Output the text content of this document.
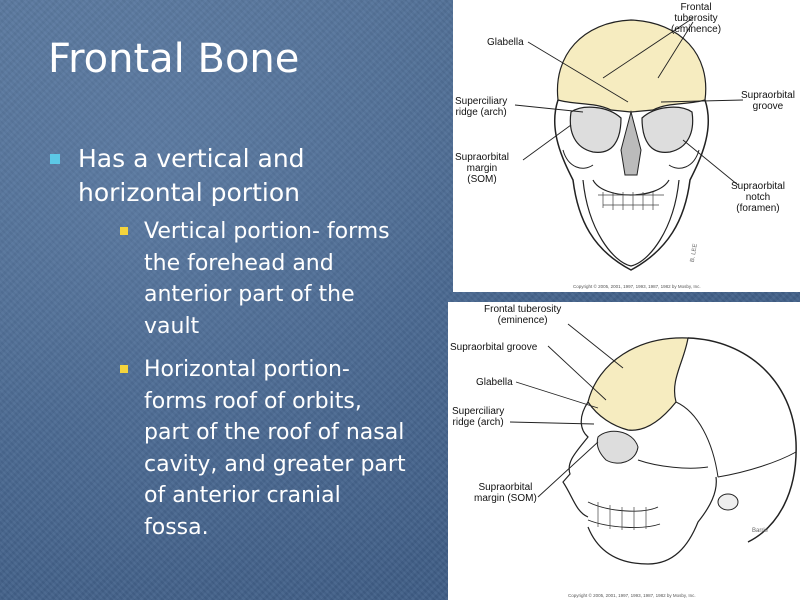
Frontal Bone
Has a vertical and horizontal portion
Vertical portion- forms the forehead and anterior part of the vault
Horizontal portion- forms roof of orbits, part of the roof of nasal cavity, and greater part of anterior cranial fossa.
Frontal
tuberosity
(eminence)
Glabella
Superciliary
ridge (arch)
Supraorbital
groove
Supraorbital
margin
(SOM)
Supraorbital
notch
(foramen)
B. LEE
Copyright © 2005, 2001, 1997, 1993, 1987, 1982 by Mosby, Inc.
Frontal tuberosity
(eminence)
Supraorbital groove
Glabella
Superciliary
ridge (arch)
Supraorbital
margin (SOM)
Barrie
Copyright © 2005, 2001, 1997, 1993, 1987, 1982 by Mosby, Inc.
